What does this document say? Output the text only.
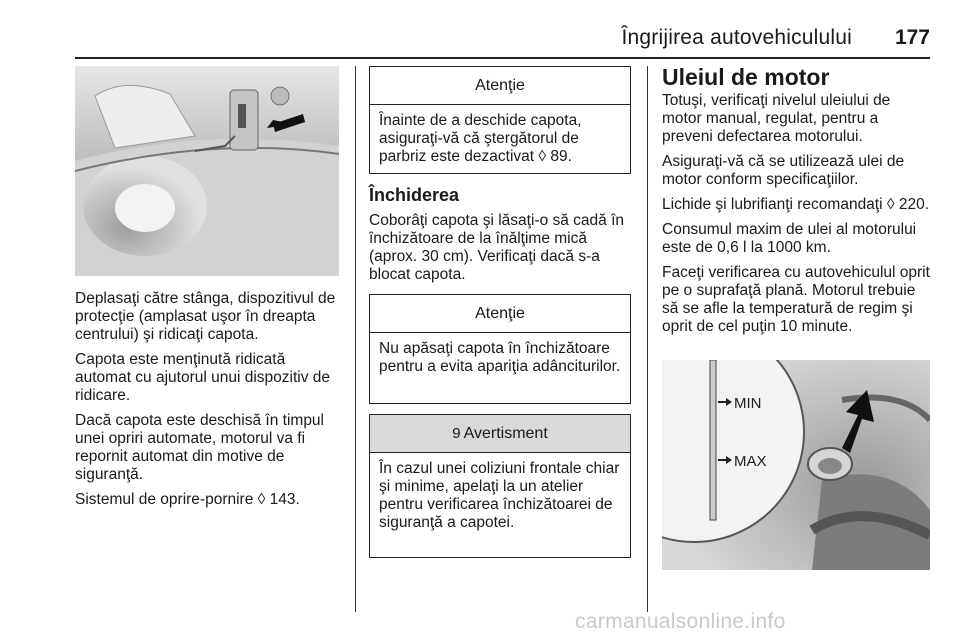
Îngrijirea autovehiculului 177

Deplasaţi către stânga, dispozitivul de protecţie (amplasat uşor în dreapta centrului) şi ridicaţi capota.

Capota este menţinută ridicată automat cu ajutorul unui dispozitiv de ridicare.

Dacă capota este deschisă în timpul unei opriri automate, motorul va fi repornit automat din motive de siguranţă.

Sistemul de oprire-pornire ◊ 143.

Atenţie
Înainte de a deschide capota, asiguraţi-vă că ştergătorul de parbriz este dezactivat ◊ 89.
Închiderea

Coborâţi capota şi lăsaţi-o să cadă în închizătoare de la înălţime mică (aprox. 30 cm). Verificaţi dacă s-a blocat capota.

Atenţie
Nu apăsaţi capota în închizătoare pentru a evita apariţia adânciturilor.
9 Avertisment
În cazul unei coliziuni frontale chiar şi minime, apelaţi la un atelier pentru verificarea închizătoarei de siguranţă a capotei.
Uleiul de motor

Totuşi, verificaţi nivelul uleiului de motor manual, regulat, pentru a preveni defectarea motorului.

Asiguraţi-vă că se utilizează ulei de motor conform specificaţiilor.

Lichide şi lubrifianţi recomandaţi ◊ 220.

Consumul maxim de ulei al motorului este de 0,6 l la 1000 km.

Faceţi verificarea cu autovehiculul oprit pe o suprafaţă plană. Motorul trebuie să se afle la temperatură de regim şi oprit de cel puţin 10 minute.

MIN
MAX
carmanualsonline.info
